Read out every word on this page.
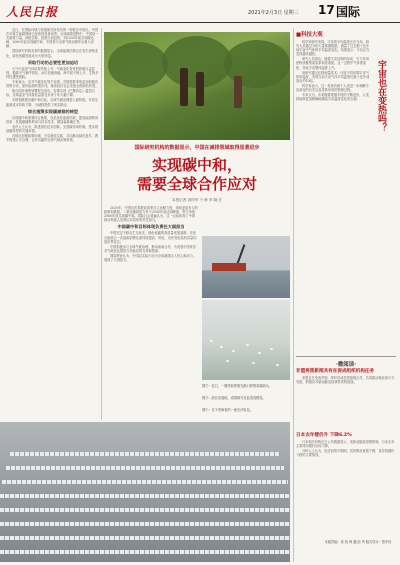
人民日报	2021年2月3日 星期三 17 国际

近日，在国际环境与发展研究所发布的一份报告中指出，中国在可再生能源领域已经取得显著成绩，全球减排进程中，中国是一支重要力量。该报告称，按照当前趋势，到2030年前实现碳达峰、2060年前实现碳中和，中国将为全球气候治理作出重大贡献。

国际研究机构发布的数据显示，全球能源结构正在发生深刻变化，绿色低碳发展成为大势所趋。

采取行动的必要性更加迫切

大气中温室气体浓度持续上升，气候变化带来的影响日益显现。极端天气事件频发，冰川加速消融，海平面不断上升，生物多样性遭受威胁。

专家表示，应对气候变化刻不容缓，各国需要采取更加积极有效的行动，加快能源转型步伐，推动经济社会发展全面绿色转型。

联合国环境规划署报告指出，若要实现《巴黎协定》温控目标，全球温室气体排放量需在未来十年大幅下降。

多国相继提出碳中和目标，全球气候治理进入新阶段。可再生能源成本持续下降，为减排提供了现实路径。

综合施策实现碳减排的转型

实现碳中和需要综合施策，包括优化能源结构、提高能源利用效率、发展碳捕集利用与封存技术、增加森林碳汇等。

业内人士认为，推进绿色技术创新，完善碳市场机制，是实现低碳转型的关键举措。

各国应加强政策协调，分享最佳实践，共同推动绿色复苏，携手构建公平合理、合作共赢的全球气候治理体系。

国际研究机构的数据显示，中国在减排领域取得显著进步
实现碳中和，
需要全球合作应对
本报记者 刘仲华 于 珍 李 晓 宏

2020年，中国宣布将提高国家自主贡献力度，采取更加有力的政策和措施，二氧化碳排放力争于2030年前达到峰值，努力争取2060年前实现碳中和。国际社会普遍认为，这一目标体现了中国推动构建人类命运共同体的责任担当。

中国碳中和目标体现负责任大国担当

中国坚定不移走生态优先、绿色低碳的高质量发展道路。非化石能源占一次能源消费比重持续提高，风电、光伏发电装机容量均居世界首位。

中国积极参与全球气候治理，推动南南合作，为发展中国家应对气候变化提供力所能及的支持和帮助。

国际舆论认为，中国以实际行动为全球减排注入信心和动力，展现了大国担当。

图②：近日，一艘货轮停靠在港口的集装箱码头。
图③：浙江省湿地，成群候鸟在此觅食栖息。
图④：位于青海省的一座光伏电站。
■科技大观
宇宙也在变热吗？

科学家研究发现，宇宙的平均温度正在升高。研究人员通过分析大量观测数据，测量了过去数十亿年间宇宙中气体的平均温度变化。结果显示，宇宙正在变得越来越热。

研究人员指出，随着宇宙结构的形成，引力作用使物质聚集成星系和星系团，这一过程中气体被加热，导致宇宙整体温度上升。

该研究通过红移测量技术，比较不同时期宇宙气体的温度，发现当前宇宙气体平均温度比数十亿年前高出约10倍。

科学家表示，这一发现有助于人类进一步理解宇宙演化的历史以及星系形成的物理过程。

专家认为，未来随着观测手段的不断进步，人类将能够更加精确地描绘宇宙温度变化的全貌。

·微阅读·
非盟将派新闻共有在促成组织机构任务

非盟近日发表声明，呼吁各成员国加强合作，共同推动地区和平与发展，积极应对新冠肺炎疫情带来的挑战。

日本去年楼价升 下降6.2%

日本相关机构近日公布数据显示，受新冠肺炎疫情影响，日本去年主要城市楼价出现下降。

分析人士认为，经济前景不明朗，居民购房意愿下降，是导致楼价下跌的主要原因。

本版责编：高 旭 韩 越 邱 秀 版式设计：蔡华伟
